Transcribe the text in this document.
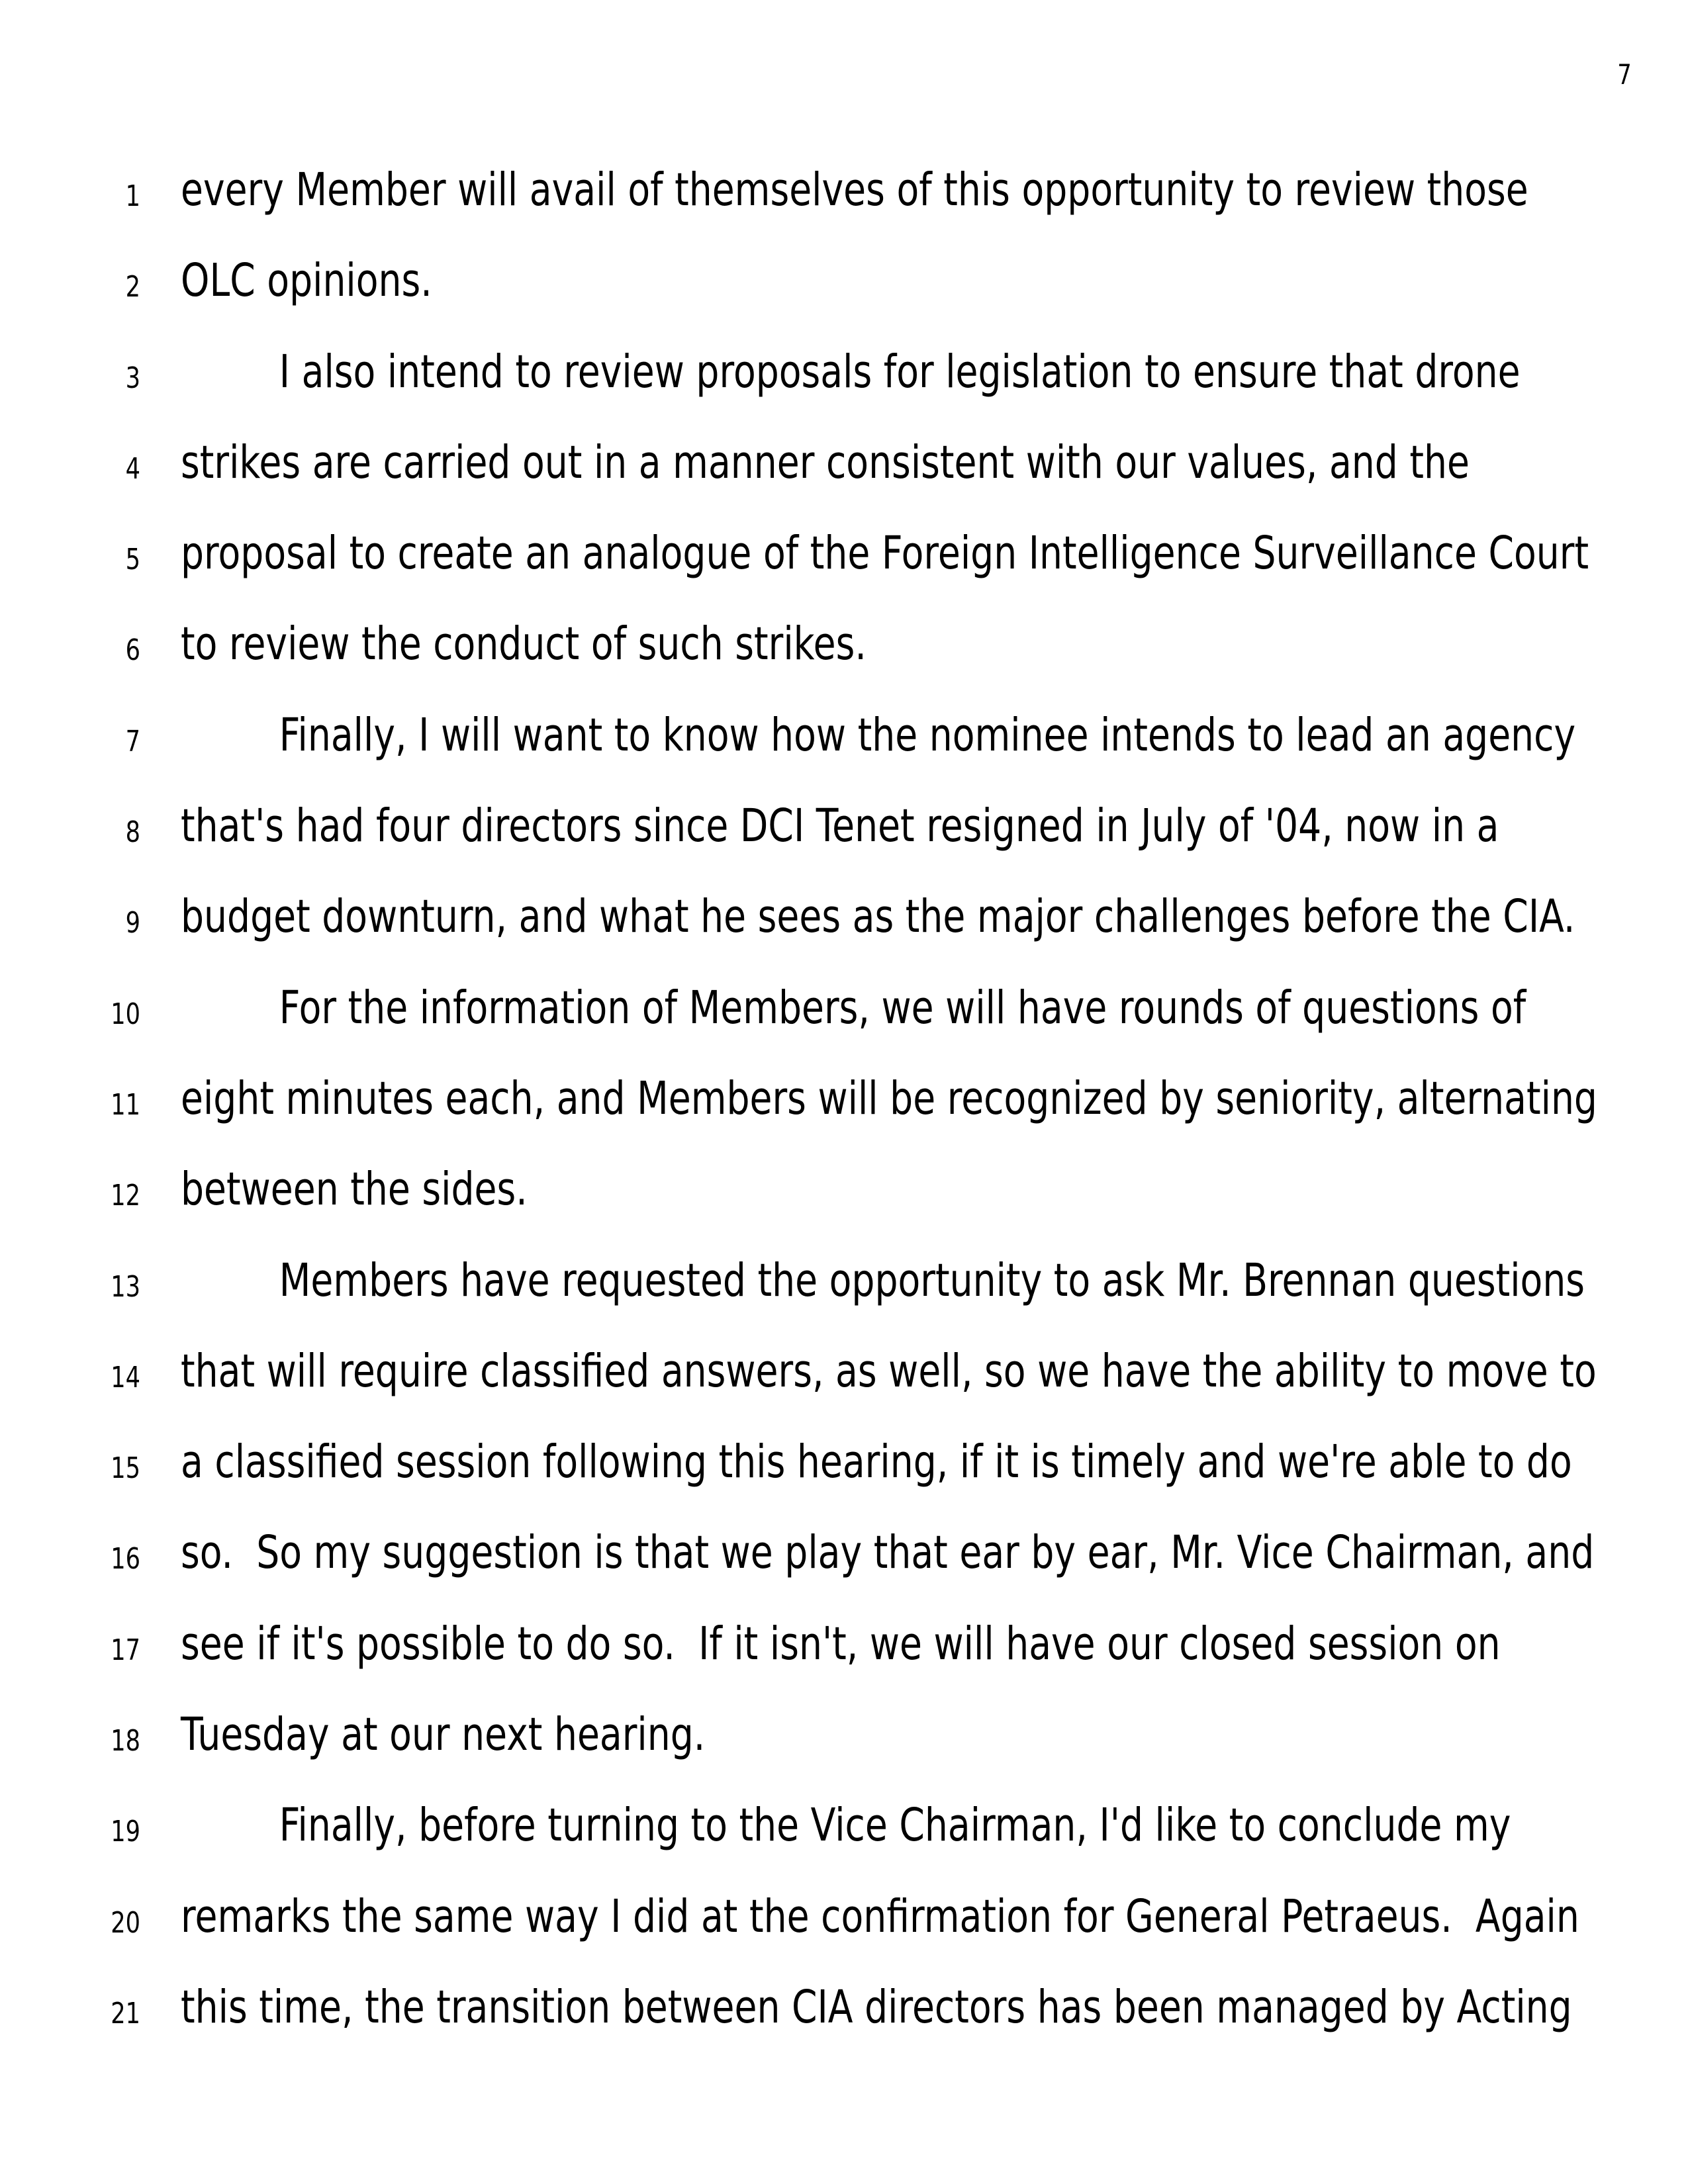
7
1 every Member will avail of themselves of this opportunity to review those
2 OLC opinions.
3	I also intend to review proposals for legislation to ensure that drone
4 strikes are carried out in a manner consistent with our values, and the
5 proposal to create an analogue of the Foreign Intelligence Surveillance Court
6 to review the conduct of such strikes.
7	Finally, I will want to know how the nominee intends to lead an agency
8 that's had four directors since DCI Tenet resigned in July of '04, now in a
9 budget downturn, and what he sees as the major challenges before the CIA.
10	For the information of Members, we will have rounds of questions of
11 eight minutes each, and Members will be recognized by seniority, alternating
12 between the sides.
13	Members have requested the opportunity to ask Mr. Brennan questions
14 that will require classified answers, as well, so we have the ability to move to
15 a classified session following this hearing, if it is timely and we're able to do
16 so.  So my suggestion is that we play that ear by ear, Mr. Vice Chairman, and
17 see if it's possible to do so.  If it isn't, we will have our closed session on
18 Tuesday at our next hearing.
19	Finally, before turning to the Vice Chairman, I'd like to conclude my
20 remarks the same way I did at the confirmation for General Petraeus.  Again
21 this time, the transition between CIA directors has been managed by Acting
